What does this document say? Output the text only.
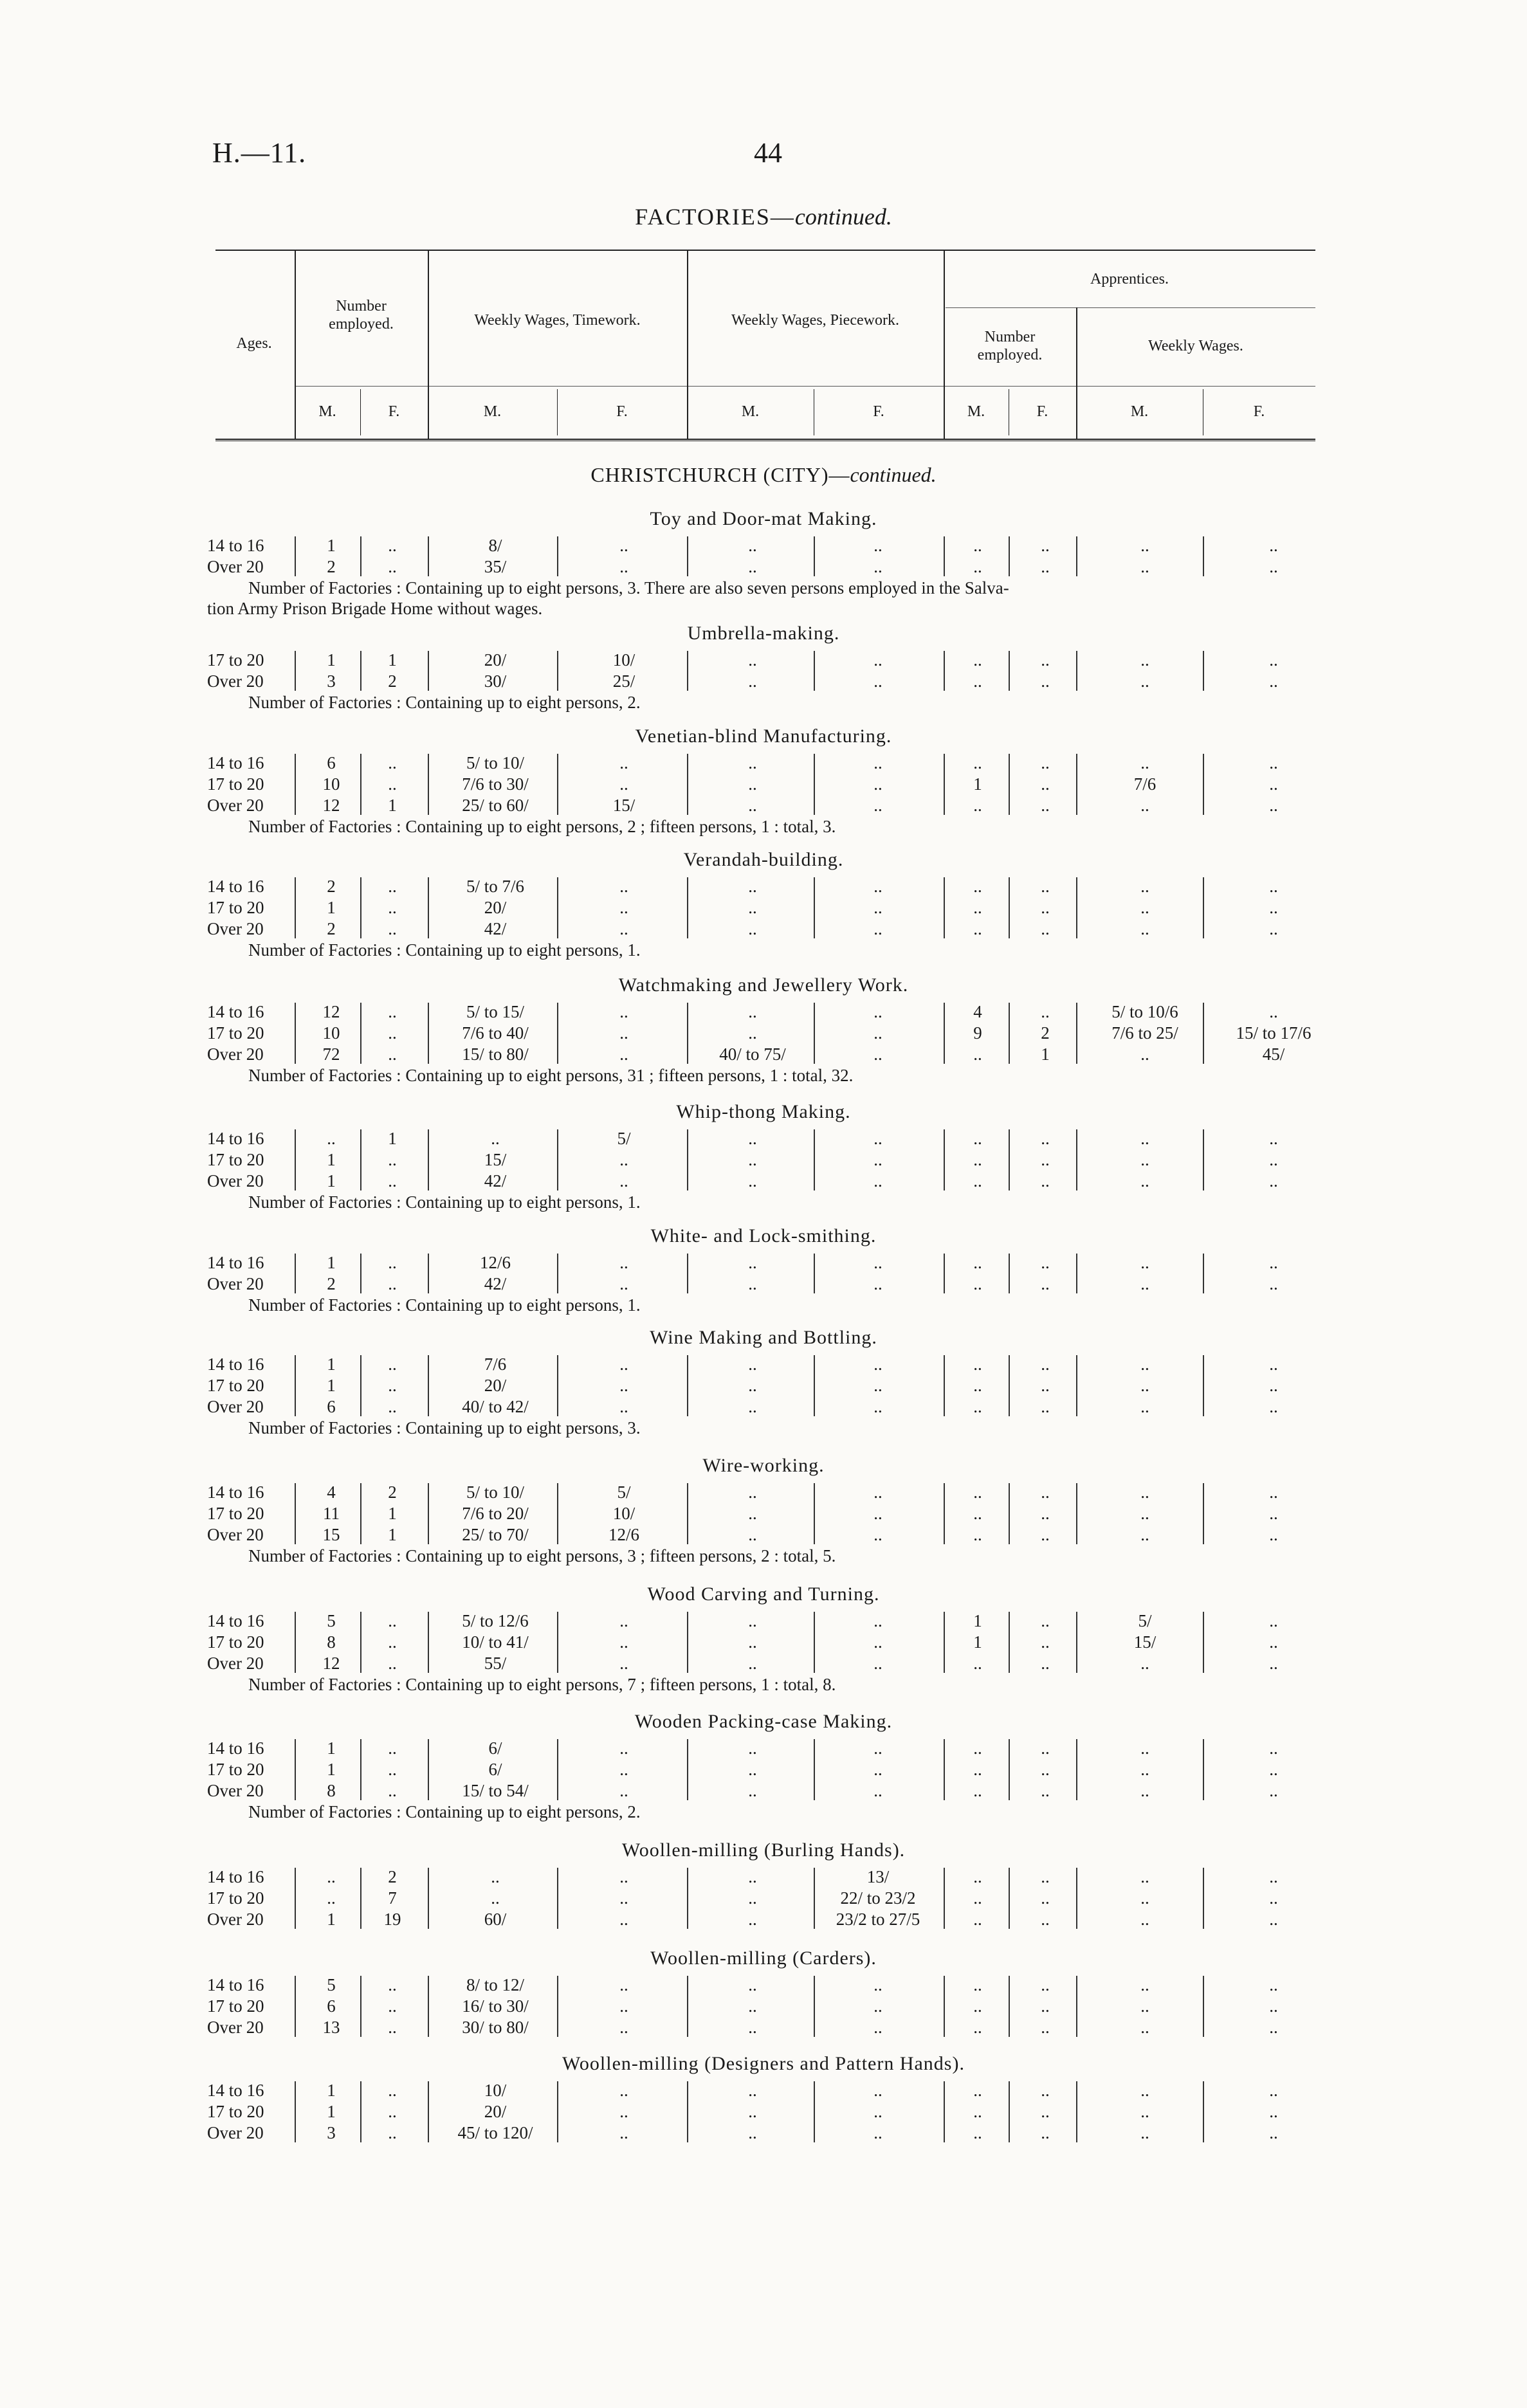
H.—11.	44
FACTORIES—continued.
Ages.
Number
employed.	Weekly Wages, Timework.	Weekly Wages, Piecework.
Apprentices.
Number
employed.
Weekly Wages.
M.	F.	M.	F.	M.	F.	M.	F.	M.	F.
CHRISTCHURCH (CITY)—continued.
Toy and Door-mat Making.
14 to 16	1	..	8/	..	..	..	..	..	..	..
Over 20	2	..	35/	..	..	..	..	..	..	..
Number of Factories : Containing up to eight persons, 3. There are also seven persons employed in the Salva-
tion Army Prison Brigade Home without wages.
Umbrella-making.
17 to 20	1	1	20/	10/	..	..	..	..	..	..
Over 20	3	2	30/	25/	..	..	..	..	..	..
Number of Factories : Containing up to eight persons, 2.
Venetian-blind Manufacturing.
14 to 16	6	..	5/ to 10/	..	..	..	..	..	..	..
17 to 20	10	..	7/6 to 30/	..	..	..	1	..	7/6	..
Over 20	12	1	25/ to 60/	15/	..	..	..	..	..	..
Number of Factories : Containing up to eight persons, 2 ; fifteen persons, 1 : total, 3.
Verandah-building.
14 to 16	2	..	5/ to 7/6	..	..	..	..	..	..	..
17 to 20	1	..	20/	..	..	..	..	..	..	..
Over 20	2	..	42/	..	..	..	..	..	..	..
Number of Factories : Containing up to eight persons, 1.
Watchmaking and Jewellery Work.
14 to 16	12	..	5/ to 15/	..	..	..	4	..	5/ to 10/6	..
17 to 20	10	..	7/6 to 40/	..	..	..	9	2	7/6 to 25/	15/ to 17/6
Over 20	72	..	15/ to 80/	..	40/ to 75/	..	..	1	..	45/
Number of Factories : Containing up to eight persons, 31 ; fifteen persons, 1 : total, 32.
Whip-thong Making.
14 to 16	..	1	..	5/	..	..	..	..	..	..
17 to 20	1	..	15/	..	..	..	..	..	..	..
Over 20	1	..	42/	..	..	..	..	..	..	..
Number of Factories : Containing up to eight persons, 1.
White- and Lock-smithing.
14 to 16	1	..	12/6	..	..	..	..	..	..	..
Over 20	2	..	42/	..	..	..	..	..	..	..
Number of Factories : Containing up to eight persons, 1.
Wine Making and Bottling.
14 to 16	1	..	7/6	..	..	..	..	..	..	..
17 to 20	1	..	20/	..	..	..	..	..	..	..
Over 20	6	..	40/ to 42/	..	..	..	..	..	..	..
Number of Factories : Containing up to eight persons, 3.
Wire-working.
14 to 16	4	2	5/ to 10/	5/	..	..	..	..	..	..
17 to 20	11	1	7/6 to 20/	10/	..	..	..	..	..	..
Over 20	15	1	25/ to 70/	12/6	..	..	..	..	..	..
Number of Factories : Containing up to eight persons, 3 ; fifteen persons, 2 : total, 5.
Wood Carving and Turning.
14 to 16	5	..	5/ to 12/6	..	..	..	1	..	5/	..
17 to 20	8	..	10/ to 41/	..	..	..	1	..	15/	..
Over 20	12	..	55/	..	..	..	..	..	..	..
Number of Factories : Containing up to eight persons, 7 ; fifteen persons, 1 : total, 8.
Wooden Packing-case Making.
14 to 16	1	..	6/	..	..	..	..	..	..	..
17 to 20	1	..	6/	..	..	..	..	..	..	..
Over 20	8	..	15/ to 54/	..	..	..	..	..	..	..
Number of Factories : Containing up to eight persons, 2.
Woollen-milling (Burling Hands).
14 to 16	..	2	..	..	..	13/	..	..	..	..
17 to 20	..	7	..	..	..	22/ to 23/2	..	..	..	..
Over 20	1	19	60/	..	..	23/2 to 27/5	..	..	..	..
Woollen-milling (Carders).
14 to 16	5	..	8/ to 12/	..	..	..	..	..	..	..
17 to 20	6	..	16/ to 30/	..	..	..	..	..	..	..
Over 20	13	..	30/ to 80/	..	..	..	..	..	..	..
Woollen-milling (Designers and Pattern Hands).
14 to 16	1	..	10/	..	..	..	..	..	..	..
17 to 20	1	..	20/	..	..	..	..	..	..	..
Over 20	3	..	45/ to 120/	..	..	..	..	..	..	..
